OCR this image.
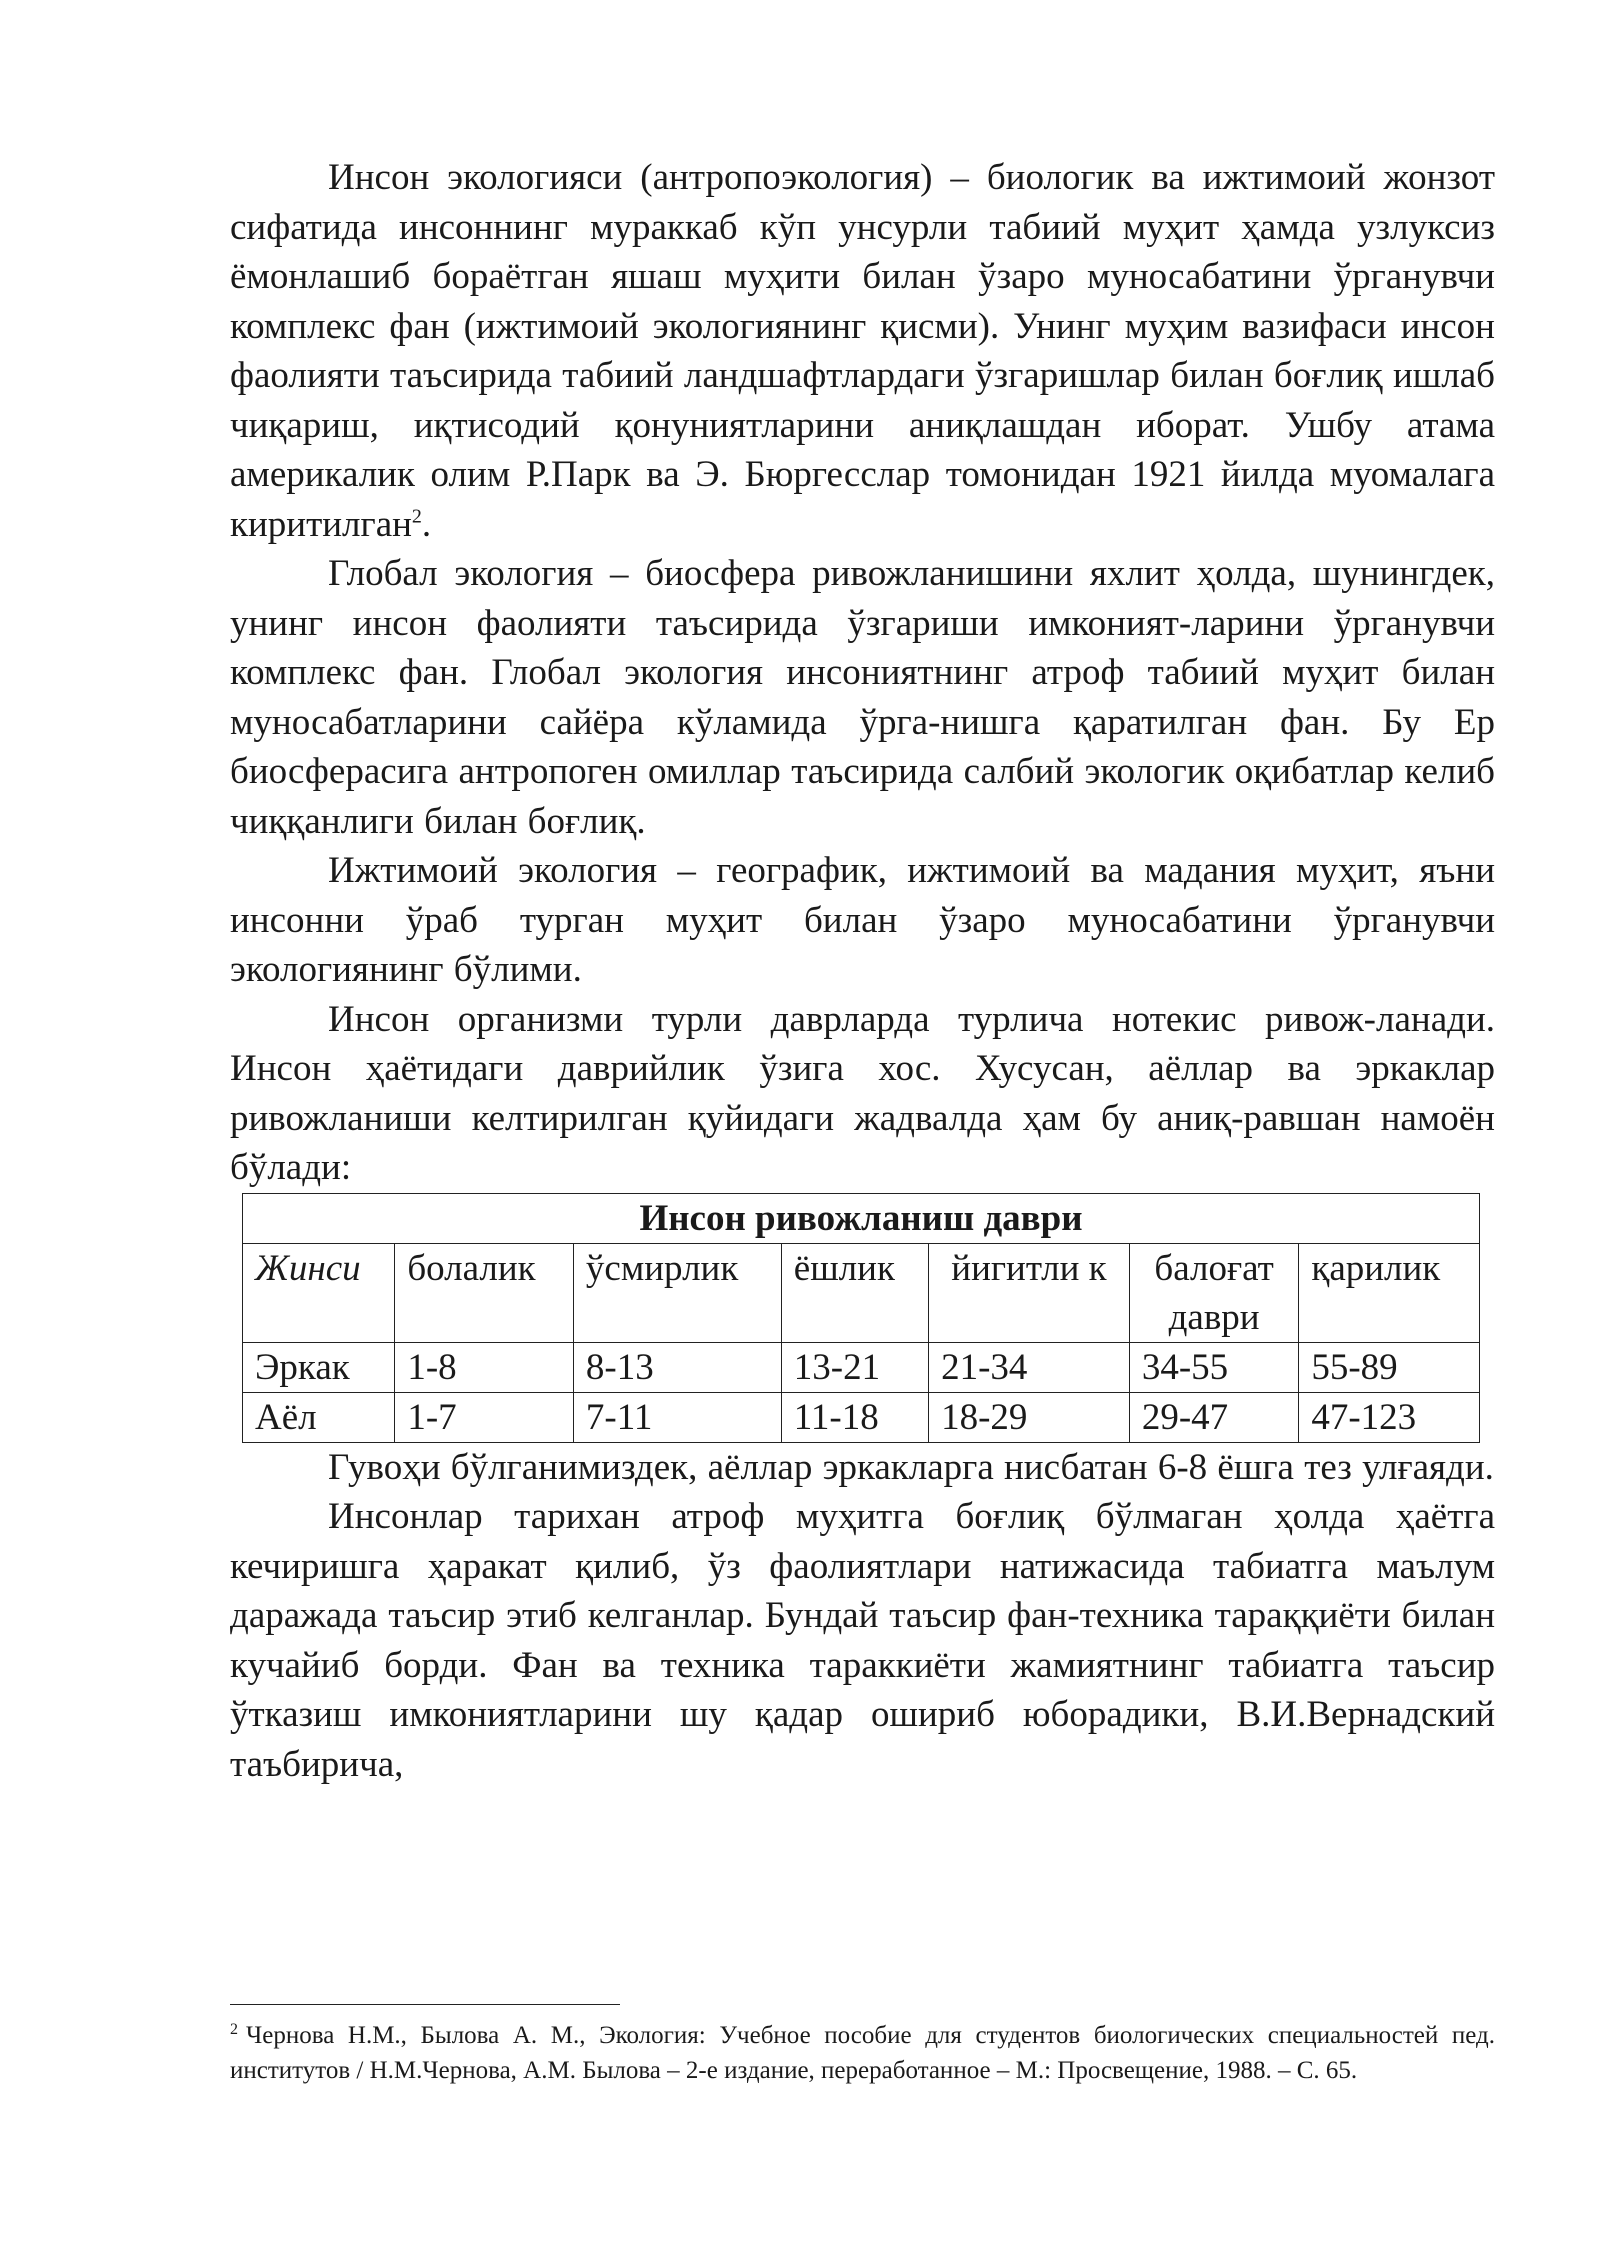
Инсон экологияси (антропоэкология) – биологик ва ижтимоий жонзот сифатида инсоннинг мураккаб кўп унсурли табиий муҳит ҳамда узлуксиз ёмонлашиб бораётган яшаш муҳити билан ўзаро муносабатини ўрганувчи комплекс фан (ижтимоий экологиянинг қисми). Унинг муҳим вазифаси инсон фаолияти таъсирида табиий ландшафтлардаги ўзгаришлар билан боғлиқ ишлаб чиқариш, иқтисодий қонуниятларини аниқлашдан иборат. Ушбу атама америкалик олим Р.Парк ва Э. Бюргесслар томонидан 1921 йилда муомалага киритилган$^2$.

Глобал экология – биосфера ривожланишини яхлит ҳолда, шунингдек, унинг инсон фаолияти таъсирида ўзгариши имконият-ларини ўрганувчи комплекс фан. Глобал экология инсониятнинг атроф табиий муҳит билан муносабатларини сайёра кўламида ўрга-нишга қаратилган фан. Бу Ер биосферасига антропоген омиллар таъсирида салбий экологик оқибатлар келиб чиққанлиги билан боғлиқ.

Ижтимоий экология – географик, ижтимоий ва мадания муҳит, яъни инсонни ўраб турган муҳит билан ўзаро муносабатини ўрганувчи экологиянинг бўлими.

Инсон организми турли даврларда турлича нотекис ривож-ланади. Инсон ҳаётидаги даврийлик ўзига хос. Хусусан, аёллар ва эркаклар ривожланиши келтирилган қуйидаги жадвалда ҳам бу аниқ-равшан намоён бўлади:

Инсон ривожланиш даври						
Жинси	болалик	ўсмирлик	ёшлик	йигитли к	балоғат даври	қарилик
Эркак	1-8	8-13	13-21	21-34	34-55	55-89
Аёл	1-7	7-11	11-18	18-29	29-47	47-123

Гувоҳи бўлганимиздек, аёллар эркакларга нисбатан 6-8 ёшга тез улғаяди.

Инсонлар тарихан атроф муҳитга боғлиқ бўлмаган ҳолда ҳаётга кечиришга ҳаракат қилиб, ўз фаолиятлари натижасида табиатга маълум даражада таъсир этиб келганлар. Бундай таъсир фан-техника тараққиёти билан кучайиб борди. Фан ва техника тараккиёти жамиятнинг табиатга таъсир ўтказиш имкониятларини шу қадар ошириб юборадики, В.И.Вернадский таъбирича,

$^2$ Чернова Н.М., Былова А. М., Экология: Учебное пособие для студентов биологических специальностей пед. институтов / Н.М.Чернова, А.М. Былова – 2-е издание, переработанное – М.: Просвещение, 1988. – С. 65.
